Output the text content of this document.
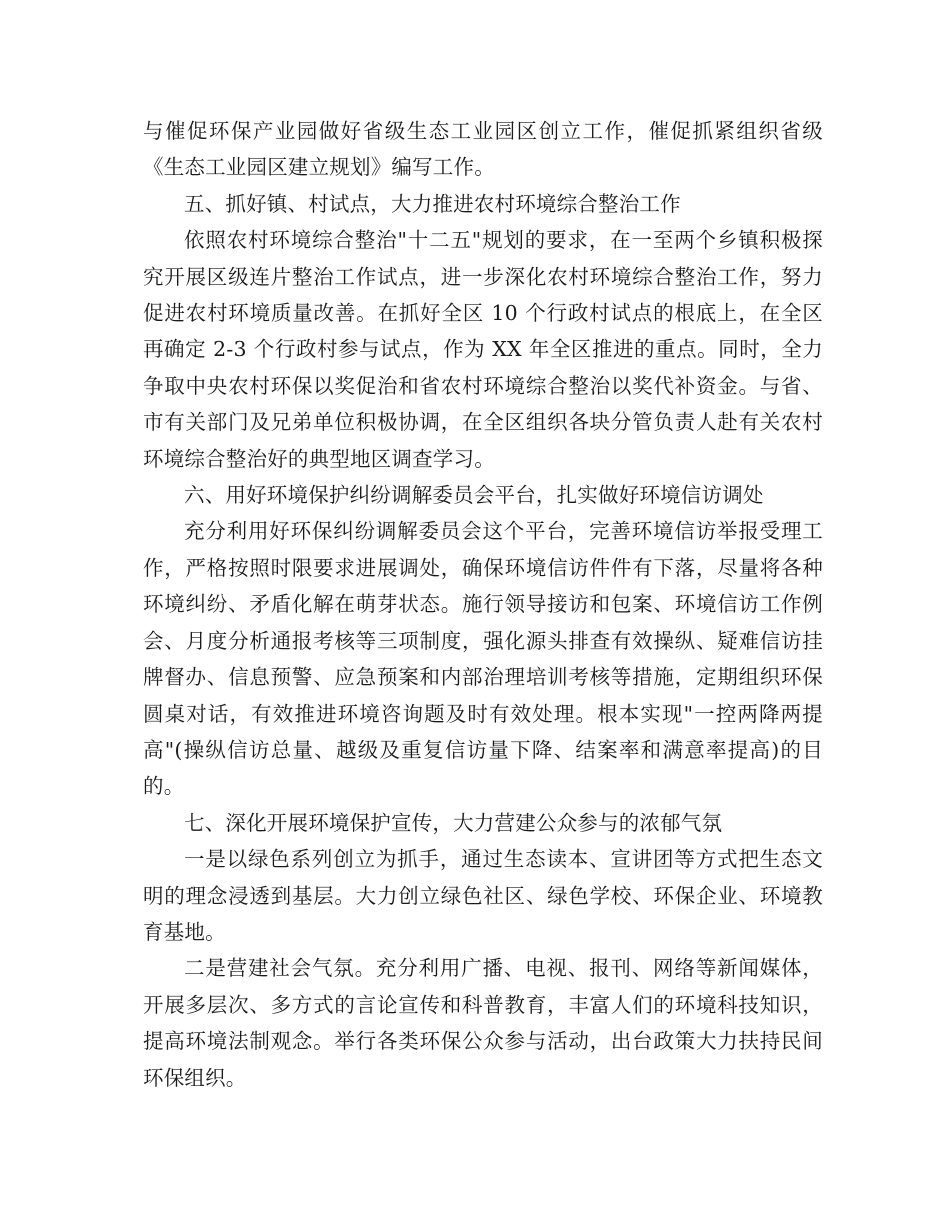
与催促环保产业园做好省级生态工业园区创立工作，催促抓紧组织省级《生态工业园区建立规划》编写工作。

五、抓好镇、村试点，大力推进农村环境综合整治工作

依照农村环境综合整治"十二五"规划的要求，在一至两个乡镇积极探究开展区级连片整治工作试点，进一步深化农村环境综合整治工作，努力促进农村环境质量改善。在抓好全区 10 个行政村试点的根底上，在全区再确定 2-3 个行政村参与试点，作为 XX 年全区推进的重点。同时，全力争取中央农村环保以奖促治和省农村环境综合整治以奖代补资金。与省、市有关部门及兄弟单位积极协调，在全区组织各块分管负责人赴有关农村环境综合整治好的典型地区调查学习。

六、用好环境保护纠纷调解委员会平台，扎实做好环境信访调处

充分利用好环保纠纷调解委员会这个平台，完善环境信访举报受理工作，严格按照时限要求进展调处，确保环境信访件件有下落，尽量将各种环境纠纷、矛盾化解在萌芽状态。施行领导接访和包案、环境信访工作例会、月度分析通报考核等三项制度，强化源头排查有效操纵、疑难信访挂牌督办、信息预警、应急预案和内部治理培训考核等措施，定期组织环保圆桌对话，有效推进环境咨询题及时有效处理。根本实现"一控两降两提高"(操纵信访总量、越级及重复信访量下降、结案率和满意率提高)的目的。

七、深化开展环境保护宣传，大力营建公众参与的浓郁气氛

一是以绿色系列创立为抓手，通过生态读本、宣讲团等方式把生态文明的理念浸透到基层。大力创立绿色社区、绿色学校、环保企业、环境教育基地。

二是营建社会气氛。充分利用广播、电视、报刊、网络等新闻媒体，开展多层次、多方式的言论宣传和科普教育，丰富人们的环境科技知识，提高环境法制观念。举行各类环保公众参与活动，出台政策大力扶持民间环保组织。
